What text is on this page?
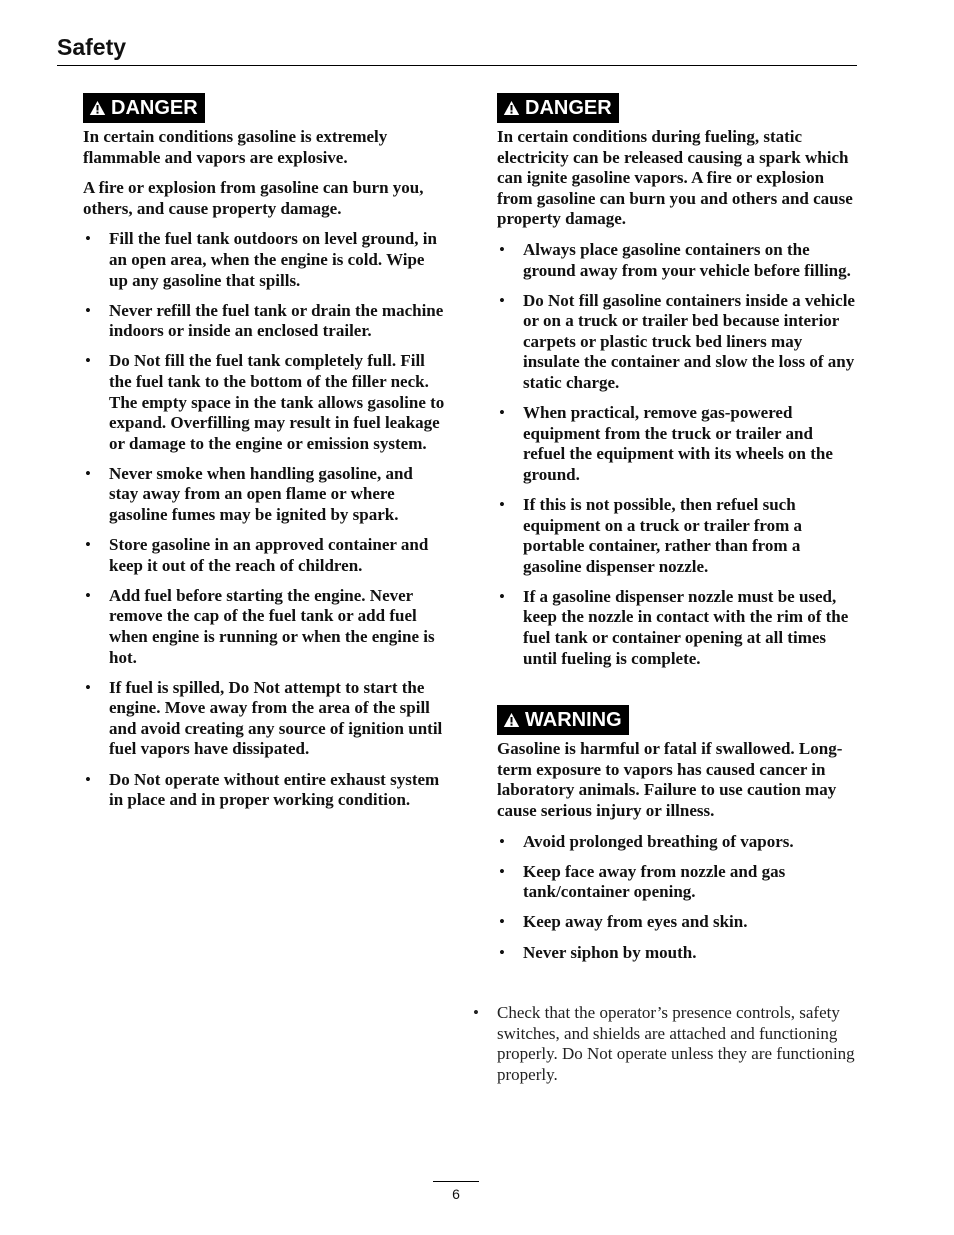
Safety
DANGER

In certain conditions gasoline is extremely flammable and vapors are explosive.

A fire or explosion from gasoline can burn you, others, and cause property damage.

• Fill the fuel tank outdoors on level ground, in an open area, when the engine is cold. Wipe up any gasoline that spills.
• Never refill the fuel tank or drain the machine indoors or inside an enclosed trailer.
• Do Not fill the fuel tank completely full. Fill the fuel tank to the bottom of the filler neck. The empty space in the tank allows gasoline to expand. Overfilling may result in fuel leakage or damage to the engine or emission system.
• Never smoke when handling gasoline, and stay away from an open flame or where gasoline fumes may be ignited by spark.
• Store gasoline in an approved container and keep it out of the reach of children.
• Add fuel before starting the engine. Never remove the cap of the fuel tank or add fuel when engine is running or when the engine is hot.
• If fuel is spilled, Do Not attempt to start the engine. Move away from the area of the spill and avoid creating any source of ignition until fuel vapors have dissipated.
• Do Not operate without entire exhaust system in place and in proper working condition.
DANGER

In certain conditions during fueling, static electricity can be released causing a spark which can ignite gasoline vapors. A fire or explosion from gasoline can burn you and others and cause property damage.

• Always place gasoline containers on the ground away from your vehicle before filling.
• Do Not fill gasoline containers inside a vehicle or on a truck or trailer bed because interior carpets or plastic truck bed liners may insulate the container and slow the loss of any static charge.
• When practical, remove gas-powered equipment from the truck or trailer and refuel the equipment with its wheels on the ground.
• If this is not possible, then refuel such equipment on a truck or trailer from a portable container, rather than from a gasoline dispenser nozzle.
• If a gasoline dispenser nozzle must be used, keep the nozzle in contact with the rim of the fuel tank or container opening at all times until fueling is complete.
WARNING

Gasoline is harmful or fatal if swallowed. Long-term exposure to vapors has caused cancer in laboratory animals. Failure to use caution may cause serious injury or illness.

• Avoid prolonged breathing of vapors.
• Keep face away from nozzle and gas tank/container opening.
• Keep away from eyes and skin.
• Never siphon by mouth.
• Check that the operator’s presence controls, safety switches, and shields are attached and functioning properly. Do Not operate unless they are functioning properly.
6
